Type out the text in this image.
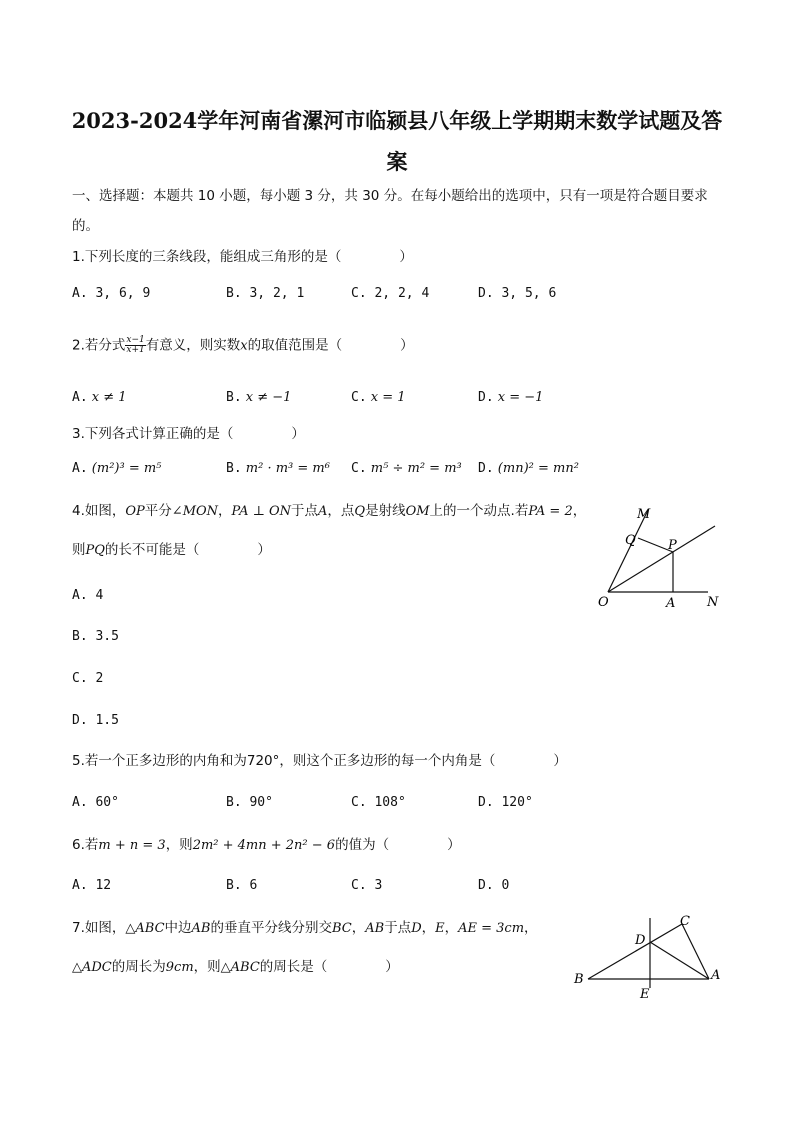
2023-2024学年河南省漯河市临颍县八年级上学期期末数学试题及答
案
一、选择题：本题共 10 小题，每小题 3 分，共 30 分。在每小题给出的选项中，只有一项是符合题目要求
的。
1.下列长度的三条线段，能组成三角形的是（	）
A. 3, 6, 9	B. 3, 2, 1	C. 2, 2, 4	D. 3, 5, 6
2.若分式 $\frac{x-1}{x+1}$ 有意义，则实数x的取值范围是（	）
A. x ≠ 1	B. x ≠ −1	C. x = 1	D. x = −1
3.下列各式计算正确的是（	）
A. (m²)³ = m⁵	B. m² · m³ = m⁶ C. m⁵ ÷ m² = m³ D. (mn)² = mn²
4.如图，OP平分∠MON，PA ⊥ ON于点A，点Q是射线OM上的一个动点.若PA = 2，
则PQ的长不可能是（	）
A. 4
B. 3.5
C. 2
D. 1.5
M
Q P
O	A N
5.若一个正多边形的内角和为720°，则这个正多边形的每一个内角是（	）
A. 60°	B. 90°	C. 108°	D. 120°
6.若m + n = 3，则2m² + 4mn + 2n² − 6的值为（	）
A. 12	B. 6	C. 3	D. 0
7.如图，△ABC中边AB的垂直平分线分别交BC，AB于点D，E，AE = 3cm，
△ADC的周长为9cm，则△ABC的周长是（	）
B
D
C
A
E
